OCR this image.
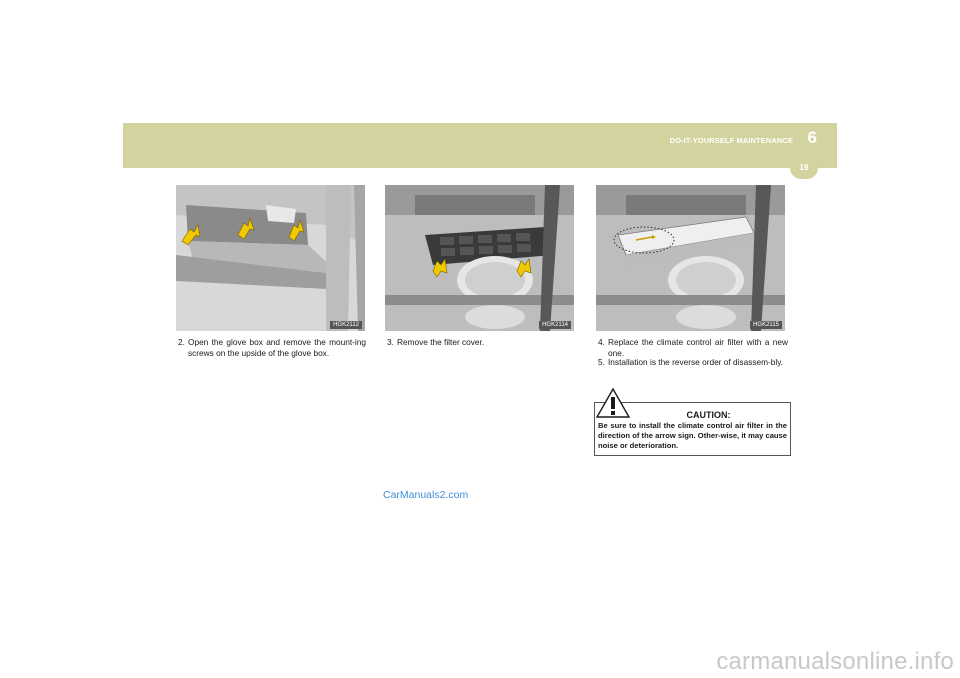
DO-IT-YOURSELF MAINTENANCE 6
19
HGK2112	HGK2114	HGK2115
2. Open the glove box and remove the mount-ing screws on the upside of the glove box.
3. Remove the filter cover.	4. Replace the climate control air filter with a new one.
5. Installation is the reverse order of disassem-bly.
CAUTION:
Be sure to install the climate control air filter in the direction of the arrow sign. Other-wise, it may cause noise or deterioration.
CarManuals2.com
carmanualsonline.info
